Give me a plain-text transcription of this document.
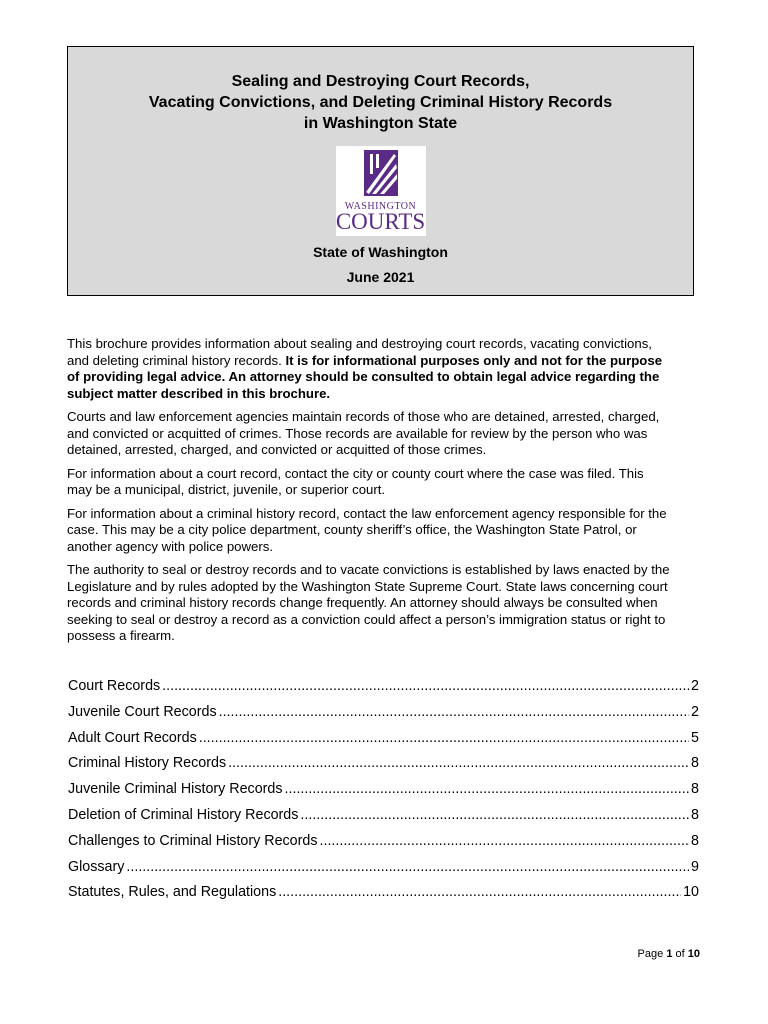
Sealing and Destroying Court Records,
Vacating Convictions, and Deleting Criminal History Records
in Washington State
WASHINGTON
COURTS
State of Washington
June 2021

This brochure provides information about sealing and destroying court records, vacating convictions,
and deleting criminal history records. It is for informational purposes only and not for the purpose
of providing legal advice. An attorney should be consulted to obtain legal advice regarding the
subject matter described in this brochure.

Courts and law enforcement agencies maintain records of those who are detained, arrested, charged,
and convicted or acquitted of crimes. Those records are available for review by the person who was
detained, arrested, charged, and convicted or acquitted of those crimes.

For information about a court record, contact the city or county court where the case was filed. This
may be a municipal, district, juvenile, or superior court.

For information about a criminal history record, contact the law enforcement agency responsible for the
case. This may be a city police department, county sheriff’s office, the Washington State Patrol, or
another agency with police powers.

The authority to seal or destroy records and to vacate convictions is established by laws enacted by the
Legislature and by rules adopted by the Washington State Supreme Court. State laws concerning court
records and criminal history records change frequently. An attorney should always be consulted when
seeking to seal or destroy a record as a conviction could affect a person’s immigration status or right to
possess a firearm.

Court Records .....	2
Juvenile Court Records .....	2
Adult Court Records .....	5
Criminal History Records .....	8
Juvenile Criminal History Records .....	8
Deletion of Criminal History Records .....	8
Challenges to Criminal History Records .....	8
Glossary .....	9
Statutes, Rules, and Regulations .....	10
Page 1 of 10
